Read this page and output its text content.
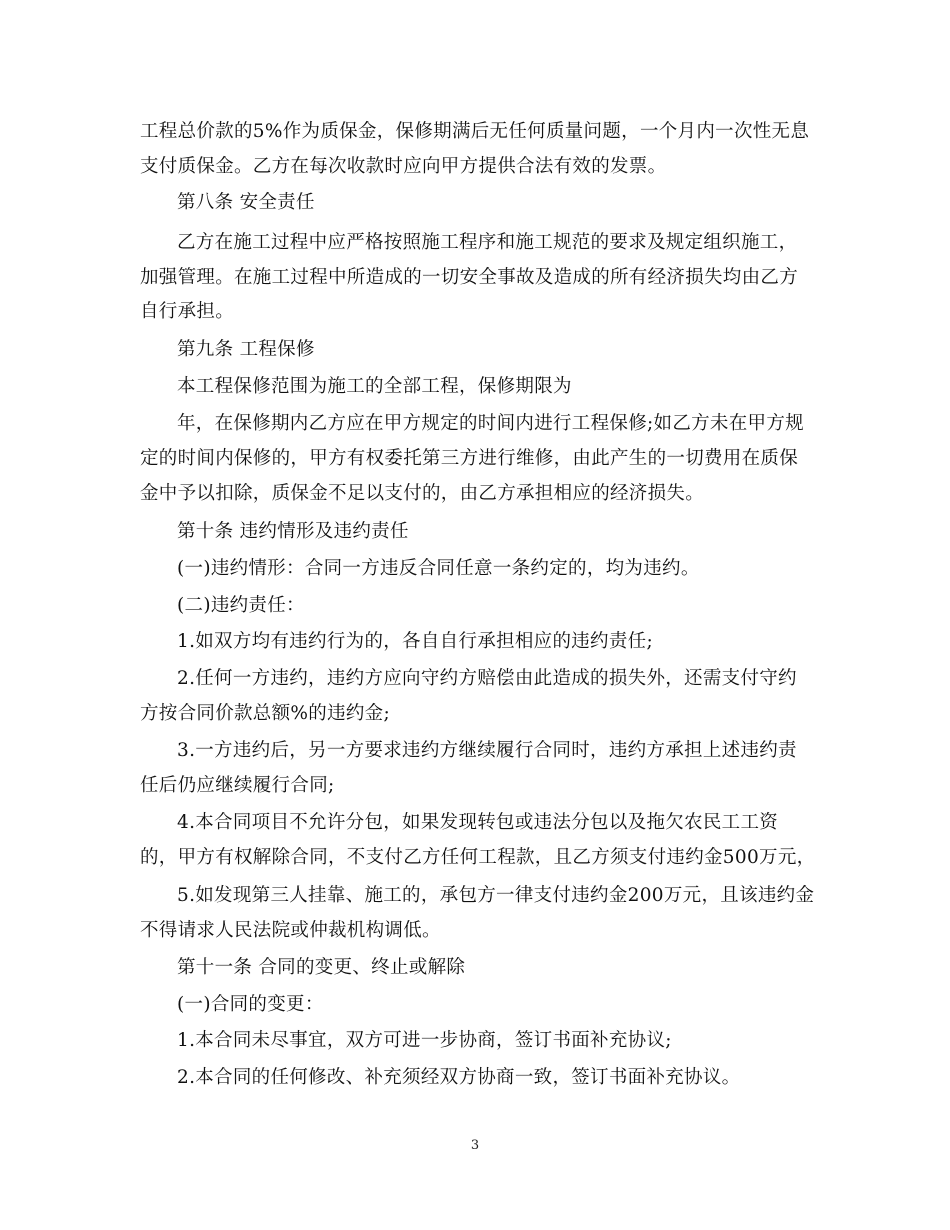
工程总价款的5%作为质保金，保修期满后无任何质量问题，一个月内一次性无息
支付质保金。乙方在每次收款时应向甲方提供合法有效的发票。
第八条 安全责任
乙方在施工过程中应严格按照施工程序和施工规范的要求及规定组织施工，
加强管理。在施工过程中所造成的一切安全事故及造成的所有经济损失均由乙方
自行承担。
第九条 工程保修
本工程保修范围为施工的全部工程，保修期限为
年，在保修期内乙方应在甲方规定的时间内进行工程保修;如乙方未在甲方规
定的时间内保修的，甲方有权委托第三方进行维修，由此产生的一切费用在质保
金中予以扣除，质保金不足以支付的，由乙方承担相应的经济损失。
第十条 违约情形及违约责任
(一)违约情形：合同一方违反合同任意一条约定的，均为违约。
(二)违约责任：
1.如双方均有违约行为的，各自自行承担相应的违约责任;
2.任何一方违约，违约方应向守约方赔偿由此造成的损失外，还需支付守约
方按合同价款总额%的违约金;
3.一方违约后，另一方要求违约方继续履行合同时，违约方承担上述违约责
任后仍应继续履行合同;
4.本合同项目不允许分包，如果发现转包或违法分包以及拖欠农民工工资
的，甲方有权解除合同，不支付乙方任何工程款，且乙方须支付违约金500万元，
5.如发现第三人挂靠、施工的，承包方一律支付违约金200万元，且该违约金
不得请求人民法院或仲裁机构调低。
第十一条 合同的变更、终止或解除
(一)合同的变更：
1.本合同未尽事宜，双方可进一步协商，签订书面补充协议;
2.本合同的任何修改、补充须经双方协商一致，签订书面补充协议。
3
